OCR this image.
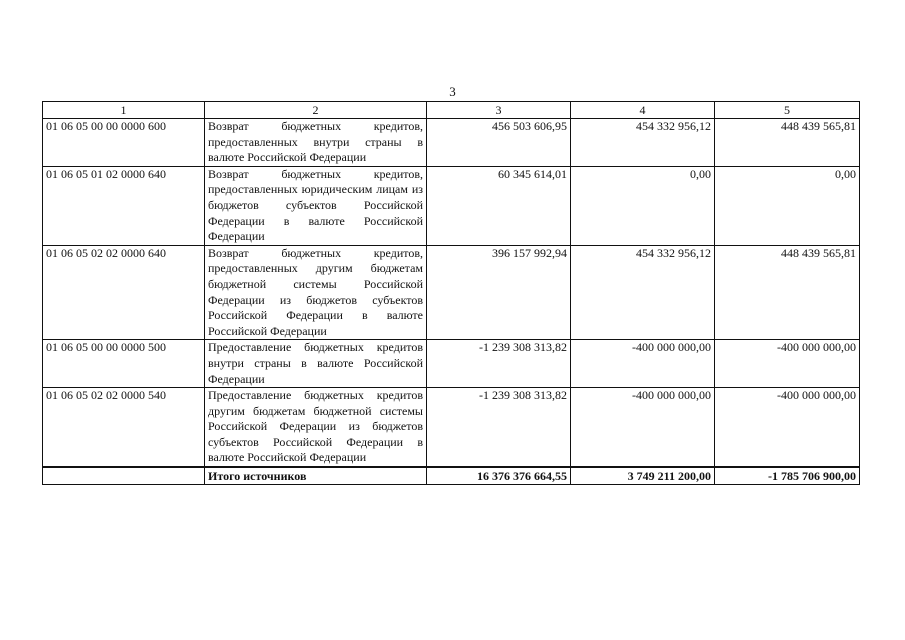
3
1	2	3	4	5
01 06 05 00 00 0000 600	Возврат бюджетных кредитов, предоставленных внутри страны в валюте Российской Федерации	456 503 606,95	454 332 956,12	448 439 565,81
01 06 05 01 02 0000 640	Возврат бюджетных кредитов, предоставленных юридическим лицам из бюджетов субъектов Российской Федерации в валюте Российской Федерации	60 345 614,01	0,00	0,00
01 06 05 02 02 0000 640	Возврат бюджетных кредитов, предоставленных другим бюджетам бюджетной системы Российской Федерации из бюджетов субъектов Российской Федерации в валюте Российской Федерации	396 157 992,94	454 332 956,12	448 439 565,81
01 06 05 00 00 0000 500	Предоставление бюджетных кредитов внутри страны в валюте Российской Федерации	-1 239 308 313,82	-400 000 000,00	-400 000 000,00
01 06 05 02 02 0000 540	Предоставление бюджетных кредитов другим бюджетам бюджетной системы Российской Федерации из бюджетов субъектов Российской Федерации в валюте Российской Федерации	-1 239 308 313,82	-400 000 000,00	-400 000 000,00
	Итого источников	16 376 376 664,55	3 749 211 200,00	-1 785 706 900,00
